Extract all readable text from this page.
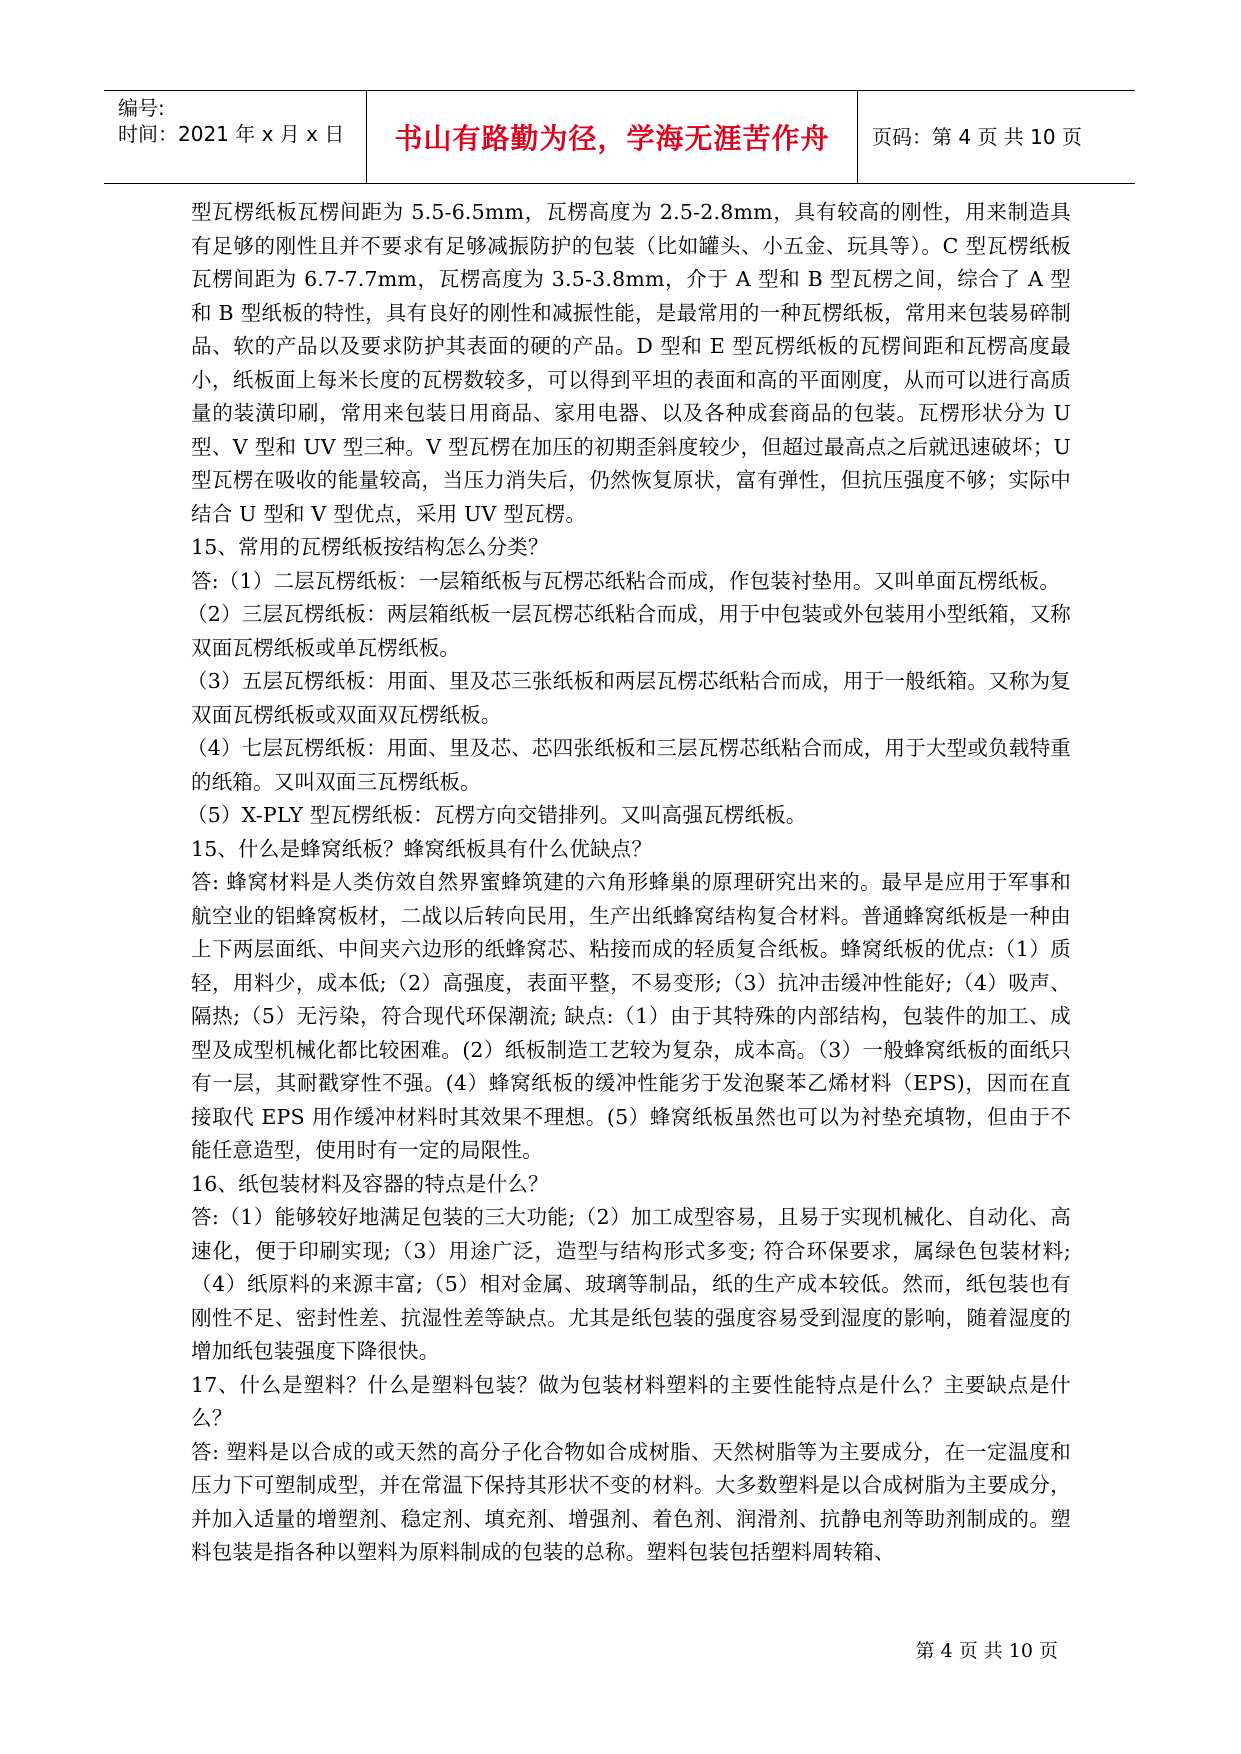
编号:
时间：2021 年 x 月 x 日 书山有路勤为径，学海无涯苦作舟 页码：第 4 页 共 10 页

型瓦楞纸板瓦楞间距为 5.5-6.5mm，瓦楞高度为 2.5-2.8mm，具有较高的刚性，用来制造具有足够的刚性且并不要求有足够减振防护的包装（比如罐头、小五金、玩具等）。C 型瓦楞纸板瓦楞间距为 6.7-7.7mm，瓦楞高度为 3.5-3.8mm，介于 A 型和 B 型瓦楞之间，综合了 A 型和 B 型纸板的特性，具有良好的刚性和减振性能，是最常用的一种瓦楞纸板，常用来包装易碎制品、软的产品以及要求防护其表面的硬的产品。D 型和 E 型瓦楞纸板的瓦楞间距和瓦楞高度最小，纸板面上每米长度的瓦楞数较多，可以得到平坦的表面和高的平面刚度，从而可以进行高质量的装潢印刷，常用来包装日用商品、家用电器、以及各种成套商品的包装。瓦楞形状分为 U 型、V 型和 UV 型三种。V 型瓦楞在加压的初期歪斜度较少，但超过最高点之后就迅速破坏；U 型瓦楞在吸收的能量较高，当压力消失后，仍然恢复原状，富有弹性，但抗压强度不够；实际中结合 U 型和 V 型优点，采用 UV 型瓦楞。

15、常用的瓦楞纸板按结构怎么分类？

答:（1）二层瓦楞纸板：一层箱纸板与瓦楞芯纸粘合而成，作包装衬垫用。又叫单面瓦楞纸板。

（2）三层瓦楞纸板：两层箱纸板一层瓦楞芯纸粘合而成，用于中包装或外包装用小型纸箱，又称双面瓦楞纸板或单瓦楞纸板。

（3）五层瓦楞纸板：用面、里及芯三张纸板和两层瓦楞芯纸粘合而成，用于一般纸箱。又称为复双面瓦楞纸板或双面双瓦楞纸板。

（4）七层瓦楞纸板：用面、里及芯、芯四张纸板和三层瓦楞芯纸粘合而成，用于大型或负载特重的纸箱。又叫双面三瓦楞纸板。

（5）X-PLY 型瓦楞纸板：瓦楞方向交错排列。又叫高强瓦楞纸板。

15、什么是蜂窝纸板？蜂窝纸板具有什么优缺点？

答: 蜂窝材料是人类仿效自然界蜜蜂筑建的六角形蜂巢的原理研究出来的。最早是应用于军事和航空业的铝蜂窝板材，二战以后转向民用，生产出纸蜂窝结构复合材料。普通蜂窝纸板是一种由上下两层面纸、中间夹六边形的纸蜂窝芯、粘接而成的轻质复合纸板。蜂窝纸板的优点:（1）质轻，用料少，成本低;（2）高强度，表面平整，不易变形;（3）抗冲击缓冲性能好;（4）吸声、隔热;（5）无污染，符合现代环保潮流; 缺点:（1）由于其特殊的内部结构，包装件的加工、成型及成型机械化都比较困难。(2）纸板制造工艺较为复杂，成本高。（3）一般蜂窝纸板的面纸只有一层，其耐戳穿性不强。(4）蜂窝纸板的缓冲性能劣于发泡聚苯乙烯材料（EPS)，因而在直接取代 EPS 用作缓冲材料时其效果不理想。(5）蜂窝纸板虽然也可以为衬垫充填物，但由于不能任意造型，使用时有一定的局限性。

16、纸包装材料及容器的特点是什么？

答:（1）能够较好地满足包装的三大功能;（2）加工成型容易，且易于实现机械化、自动化、高速化，便于印刷实现;（3）用途广泛，造型与结构形式多变; 符合环保要求，属绿色包装材料;（4）纸原料的来源丰富;（5）相对金属、玻璃等制品，纸的生产成本较低。然而，纸包装也有刚性不足、密封性差、抗湿性差等缺点。尤其是纸包装的强度容易受到湿度的影响，随着湿度的增加纸包装强度下降很快。

17、什么是塑料？什么是塑料包装？做为包装材料塑料的主要性能特点是什么？主要缺点是什么？

答: 塑料是以合成的或天然的高分子化合物如合成树脂、天然树脂等为主要成分，在一定温度和压力下可塑制成型，并在常温下保持其形状不变的材料。大多数塑料是以合成树脂为主要成分，并加入适量的增塑剂、稳定剂、填充剂、增强剂、着色剂、润滑剂、抗静电剂等助剂制成的。塑料包装是指各种以塑料为原料制成的包装的总称。塑料包装包括塑料周转箱、

第 4 页 共 10 页
